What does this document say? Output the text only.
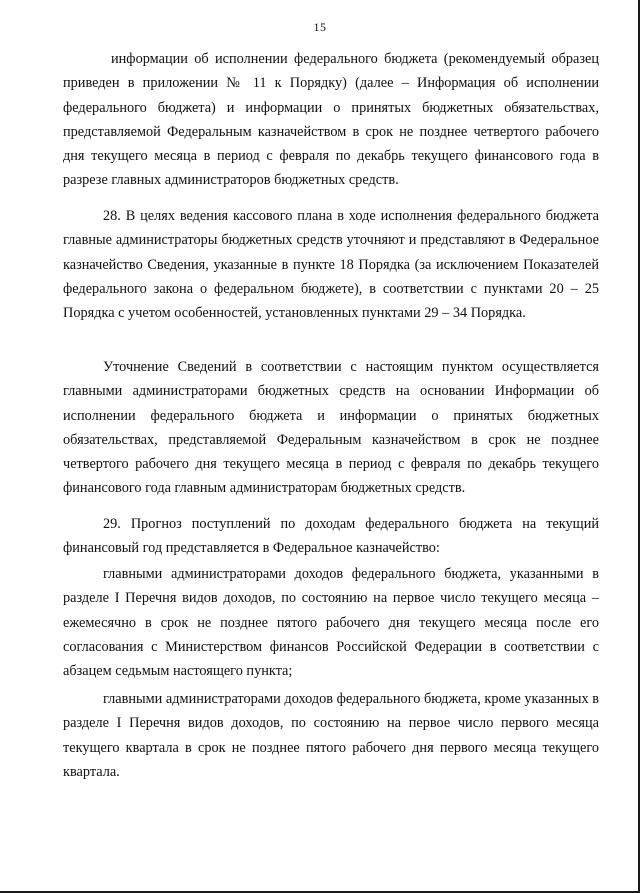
15

информации об исполнении федерального бюджета (рекомендуемый образец приведен в приложении № 11 к Порядку) (далее – Информация об исполнении федерального бюджета) и информации о принятых бюджетных обязательствах, представляемой Федеральным казначейством в срок не позднее четвертого рабочего дня текущего месяца в период с февраля по декабрь текущего финансового года в разрезе главных администраторов бюджетных средств.

28. В целях ведения кассового плана в ходе исполнения федерального бюджета главные администраторы бюджетных средств уточняют и представляют в Федеральное казначейство Сведения, указанные в пункте 18 Порядка (за исключением Показателей федерального закона о федеральном бюджете), в соответствии с пунктами 20 – 25 Порядка с учетом особенностей, установленных пунктами 29 – 34 Порядка.

Уточнение Сведений в соответствии с настоящим пунктом осуществляется главными администраторами бюджетных средств на основании Информации об исполнении федерального бюджета и информации о принятых бюджетных обязательствах, представляемой Федеральным казначейством в срок не позднее четвертого рабочего дня текущего месяца в период с февраля по декабрь текущего финансового года главным администраторам бюджетных средств.

29. Прогноз поступлений по доходам федерального бюджета на текущий финансовый год представляется в Федеральное казначейство:

главными администраторами доходов федерального бюджета, указанными в разделе I Перечня видов доходов, по состоянию на первое число текущего месяца – ежемесячно в срок не позднее пятого рабочего дня текущего месяца после его согласования с Министерством финансов Российской Федерации в соответствии с абзацем седьмым настоящего пункта;

главными администраторами доходов федерального бюджета, кроме указанных в разделе I Перечня видов доходов, по состоянию на первое число первого месяца текущего квартала в срок не позднее пятого рабочего дня первого месяца текущего квартала.
